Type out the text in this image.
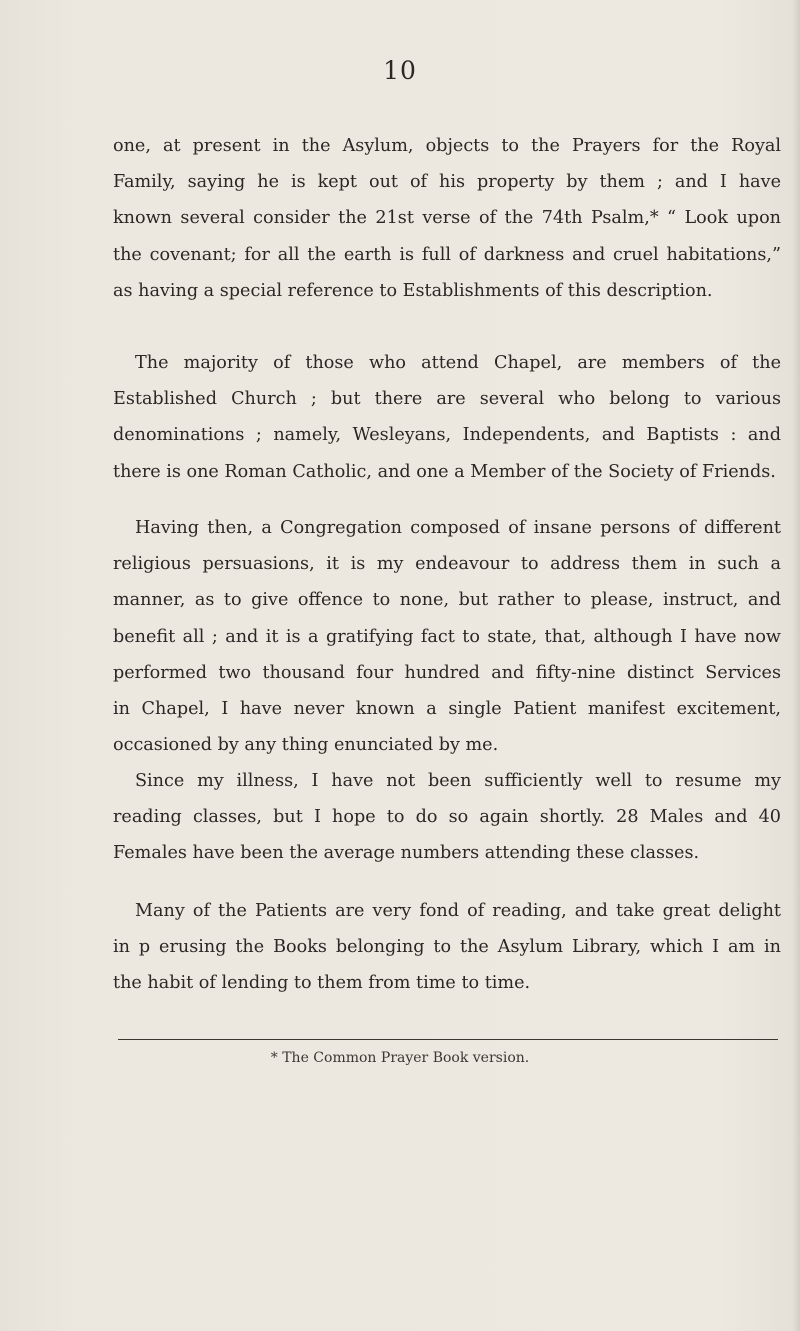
10
one, at present in the Asylum, objects to the Prayers for the Royal
Family, saying he is kept out of his property by them ; and I have
known several consider the 21st verse of the 74th Psalm,* “ Look upon
the covenant; for all the earth is full of darkness and cruel habitations,”
as having a special reference to Establishments of this description.
The majority of those who attend Chapel, are members of the
Established Church ; but there are several who belong to various
denominations ; namely, Wesleyans, Independents, and Baptists : and
there is one Roman Catholic, and one a Member of the Society of Friends.
Having then, a Congregation composed of insane persons of different
religious persuasions, it is my endeavour to address them in such a
manner, as to give offence to none, but rather to please, instruct, and
benefit all ; and it is a gratifying fact to state, that, although I have now
performed two thousand four hundred and fifty-nine distinct Services
in Chapel, I have never known a single Patient manifest excitement,
occasioned by any thing enunciated by me.
Since my illness, I have not been sufficiently well to resume my
reading classes, but I hope to do so again shortly. 28 Males and 40
Females have been the average numbers attending these classes.
Many of the Patients are very fond of reading, and take great delight
in p erusing the Books belonging to the Asylum Library, which I am in
the habit of lending to them from time to time.
* The Common Prayer Book version.
